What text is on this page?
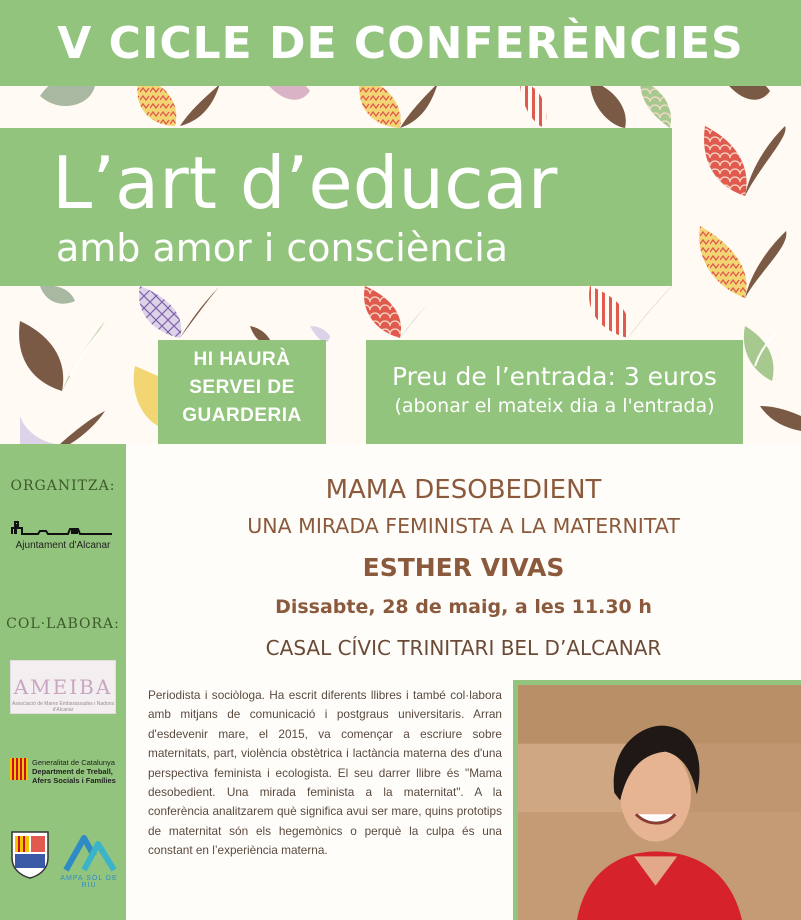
V CICLE DE CONFERÈNCIES
L’art d’educar
amb amor i consciència
HI HAURÀ
SERVEI DE
GUARDERIA
Preu de l’entrada: 3 euros
(abonar el mateix dia a l'entrada)
ORGANITZA:
Ajuntament d'Alcanar
COL·LABORA:
AMEIBA
Associació de Mares Embarassades i Nadons d'Alcanar
Generalitat de Catalunya
Department de Treball,
Afers Socials i Famílies
AMPA SÒL DE RIU
MAMA DESOBEDIENT
UNA MIRADA FEMINISTA A LA MATERNITAT
ESTHER VIVAS
Dissabte, 28 de maig, a les 11.30 h
CASAL CÍVIC TRINITARI BEL D’ALCANAR
Periodista i sociòloga. Ha escrit diferents llibres i també col·labora amb mitjans de comunicació i postgraus universitaris. Arran d'esdevenir mare, el 2015, va començar a escriure sobre maternitats, part, violència obstètrica i lactància materna des d'una perspectiva feminista i ecologista. El seu darrer llibre és "Mama desobedient. Una mirada feminista a la maternitat". A la conferència analitzarem què significa avui ser mare, quins prototips de maternitat són els hegemònics o perquè la culpa és una constant en l’experiència materna.
